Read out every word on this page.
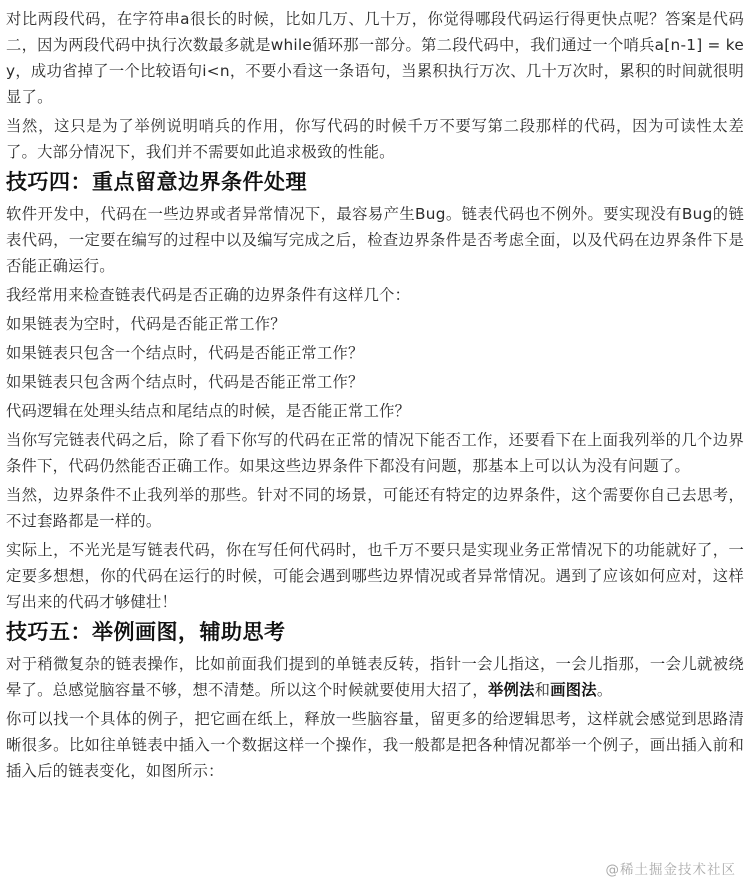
对比两段代码，在字符串a很长的时候，比如几万、几十万，你觉得哪段代码运行得更快点呢？答案是代码二，因为两段代码中执行次数最多就是while循环那一部分。第二段代码中，我们通过一个哨兵a[n-1] = key，成功省掉了一个比较语句i<n，不要小看这一条语句，当累积执行万次、几十万次时，累积的时间就很明显了。

当然，这只是为了举例说明哨兵的作用，你写代码的时候千万不要写第二段那样的代码，因为可读性太差了。大部分情况下，我们并不需要如此追求极致的性能。

技巧四：重点留意边界条件处理

软件开发中，代码在一些边界或者异常情况下，最容易产生Bug。链表代码也不例外。要实现没有Bug的链表代码，一定要在编写的过程中以及编写完成之后，检查边界条件是否考虑全面，以及代码在边界条件下是否能正确运行。

我经常用来检查链表代码是否正确的边界条件有这样几个：

如果链表为空时，代码是否能正常工作？

如果链表只包含一个结点时，代码是否能正常工作？

如果链表只包含两个结点时，代码是否能正常工作？

代码逻辑在处理头结点和尾结点的时候，是否能正常工作？

当你写完链表代码之后，除了看下你写的代码在正常的情况下能否工作，还要看下在上面我列举的几个边界条件下，代码仍然能否正确工作。如果这些边界条件下都没有问题，那基本上可以认为没有问题了。

当然，边界条件不止我列举的那些。针对不同的场景，可能还有特定的边界条件，这个需要你自己去思考，不过套路都是一样的。

实际上，不光光是写链表代码，你在写任何代码时，也千万不要只是实现业务正常情况下的功能就好了，一定要多想想，你的代码在运行的时候，可能会遇到哪些边界情况或者异常情况。遇到了应该如何应对，这样写出来的代码才够健壮！

技巧五：举例画图，辅助思考

对于稍微复杂的链表操作，比如前面我们提到的单链表反转，指针一会儿指这，一会儿指那，一会儿就被绕晕了。总感觉脑容量不够，想不清楚。所以这个时候就要使用大招了，举例法和画图法。

你可以找一个具体的例子，把它画在纸上，释放一些脑容量，留更多的给逻辑思考，这样就会感觉到思路清晰很多。比如往单链表中插入一个数据这样一个操作，我一般都是把各种情况都举一个例子，画出插入前和插入后的链表变化，如图所示：

@稀土掘金技术社区
